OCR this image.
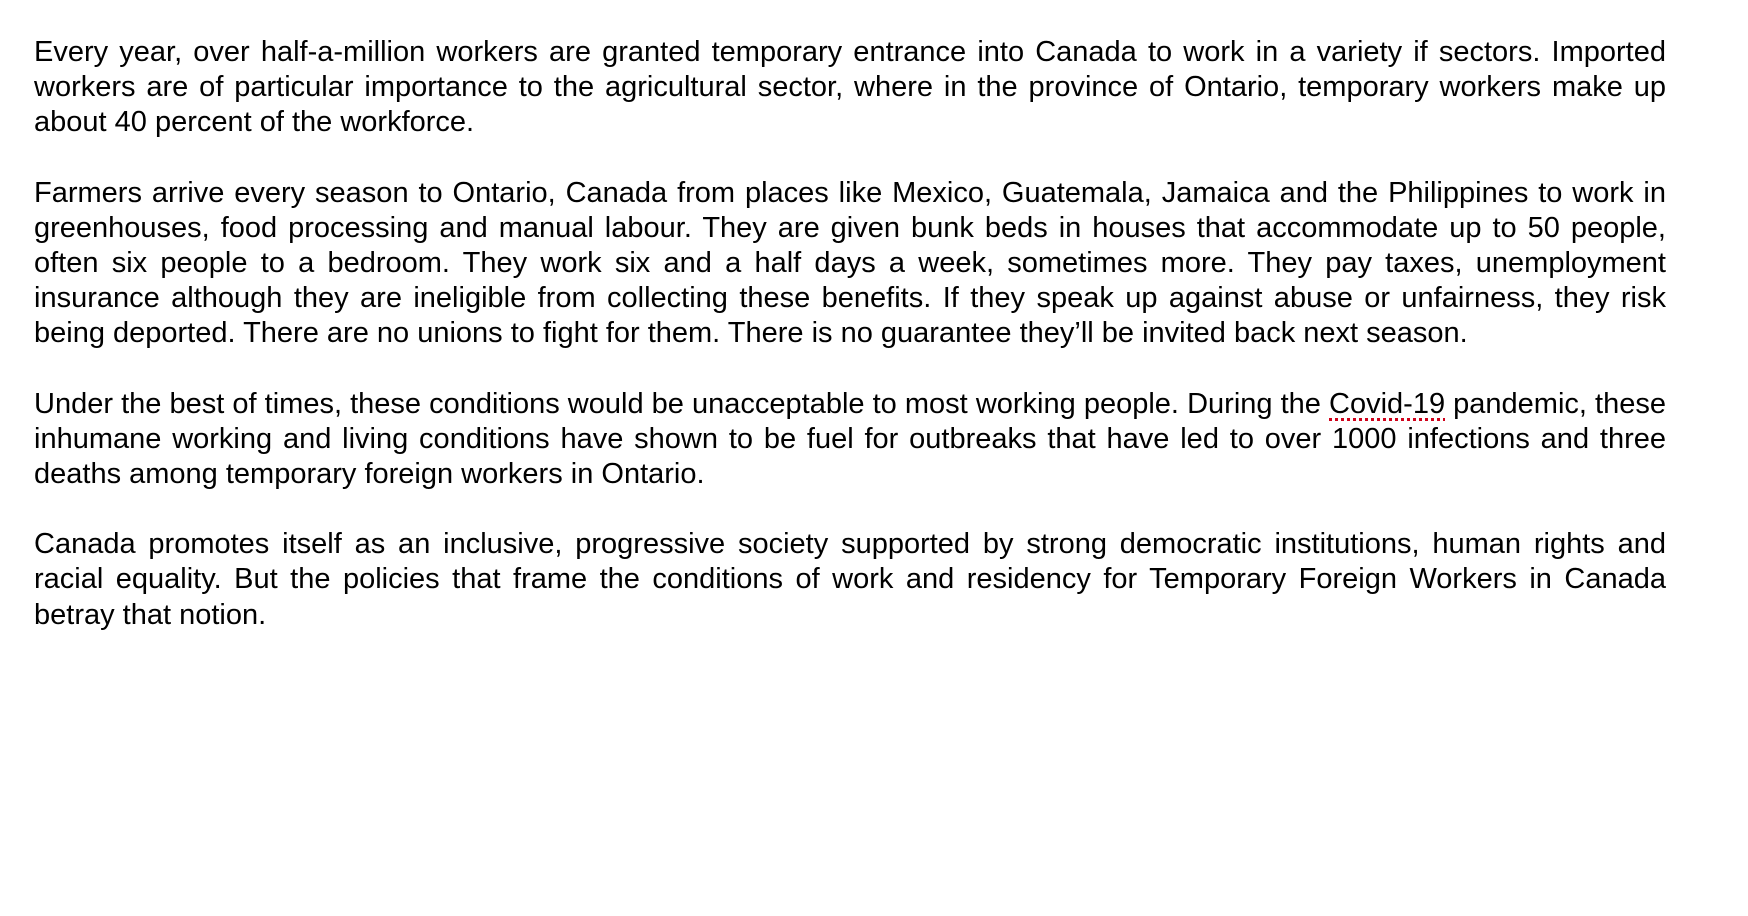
Every year, over half-a-million workers are granted temporary entrance into Canada to work in a variety if sectors. Imported workers are of particular importance to the agricultural sector, where in the province of Ontario, temporary workers make up about 40 percent of the workforce.

Farmers arrive every season to Ontario, Canada from places like Mexico, Guatemala, Jamaica and the Philippines to work in greenhouses, food processing and manual labour. They are given bunk beds in houses that accommodate up to 50 people, often six people to a bedroom. They work six and a half days a week, sometimes more. They pay taxes, unemployment insurance although they are ineligible from collecting these benefits. If they speak up against abuse or unfairness, they risk being deported. There are no unions to fight for them. There is no guarantee they’ll be invited back next season.

Under the best of times, these conditions would be unacceptable to most working people. During the Covid-19 pandemic, these inhumane working and living conditions have shown to be fuel for outbreaks that have led to over 1000 infections and three deaths among temporary foreign workers in Ontario.

Canada promotes itself as an inclusive, progressive society supported by strong democratic institutions, human rights and racial equality. But the policies that frame the conditions of work and residency for Temporary Foreign Workers in Canada betray that notion.
